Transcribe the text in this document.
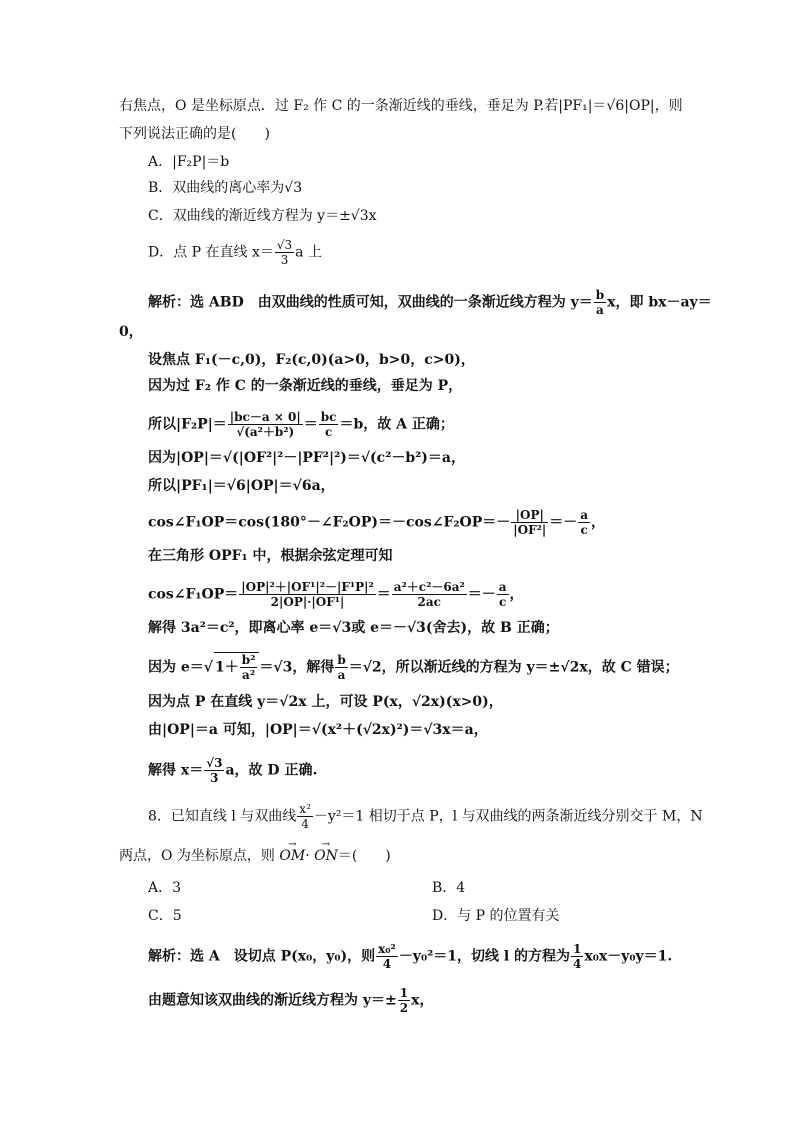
右焦点，O 是坐标原点．过 F₂ 作 C 的一条渐近线的垂线，垂足为 P.若|PF₁|＝√6|OP|，则
下列说法正确的是(　　)
A．|F₂P|＝b
B．双曲线的离心率为√3
C．双曲线的渐近线方程为 y＝±√3x
D．点 P 在直线 $x= \frac{√3}{3}$ a 上
解析：选 ABD　由双曲线的性质可知，双曲线的一条渐近线方程为 $y= \frac{b}{a}$ x，即 bx－ay＝
0，
设焦点 F₁(－c,0)，F₂(c,0)(a>0，b>0，c>0)，
因为过 F₂ 作 C 的一条渐近线的垂线，垂足为 P，
所以$|F_2P|= \frac{|bc-a \times 0|}{\text{√(a²＋b²)}} = \frac{bc}{c} =b$，故 A 正确；
因为|OP|＝√(|OF²|²－|PF²|²)＝√(c²－b²)＝a，
所以|PF₁|＝√6|OP|＝√6a，
cos∠F₁OP＝cos(180°－∠F₂OP)＝－cos∠F₂OP＝－ $\frac{|OP|}{\text{|OF²|}} =- \frac{a}{c}$ ，
在三角形 OPF₁ 中，根据余弦定理可知
cos∠F₁OP＝ $\frac{\text{|OP|²＋|OF¹|²－|F¹P|²}}{\text{2|OP|·|OF¹|}} = \frac{\text{a²＋c²－6a²}}{2ac} =- \frac{a}{c}$ ，
解得 3a²＝c²，即离心率 e＝√3或 e＝－√3(舍去)，故 B 正确；
因为 e＝√ $1+ \frac{\text{b²}}{\text{a²}} =√3$，解得 $\frac{b}{a} =√2$，所以渐近线的方程为 y＝±√2x，故 C 错误；
因为点 P 在直线 y＝√2x 上，可设 P(x，√2x)(x>0)，
由|OP|＝a 可知，|OP|＝√(x²＋(√2x)²)＝√3x＝a，
解得 $x= \frac{√3}{3}$ a，故 D 正确.
8．已知直线 l 与双曲线 $\frac{\text{x²}}{4} -y^2=1$ 相切于点 P，l 与双曲线的两条渐近线分别交于 M，N
两点，O 为坐标原点，则 → OM· → ON＝(　　)
A．3	B．4
C．5	D．与 P 的位置有关
解析：选 A　设切点 P(x₀，y₀)，则 $\frac{\text{x₀²}}{4} -y_0^2=1$，切线 l 的方程为 $\frac{1}{4} x_0x-y_0y=1$.
由题意知该双曲线的渐近线方程为 $y=\pm \frac{1}{2}$ x，
